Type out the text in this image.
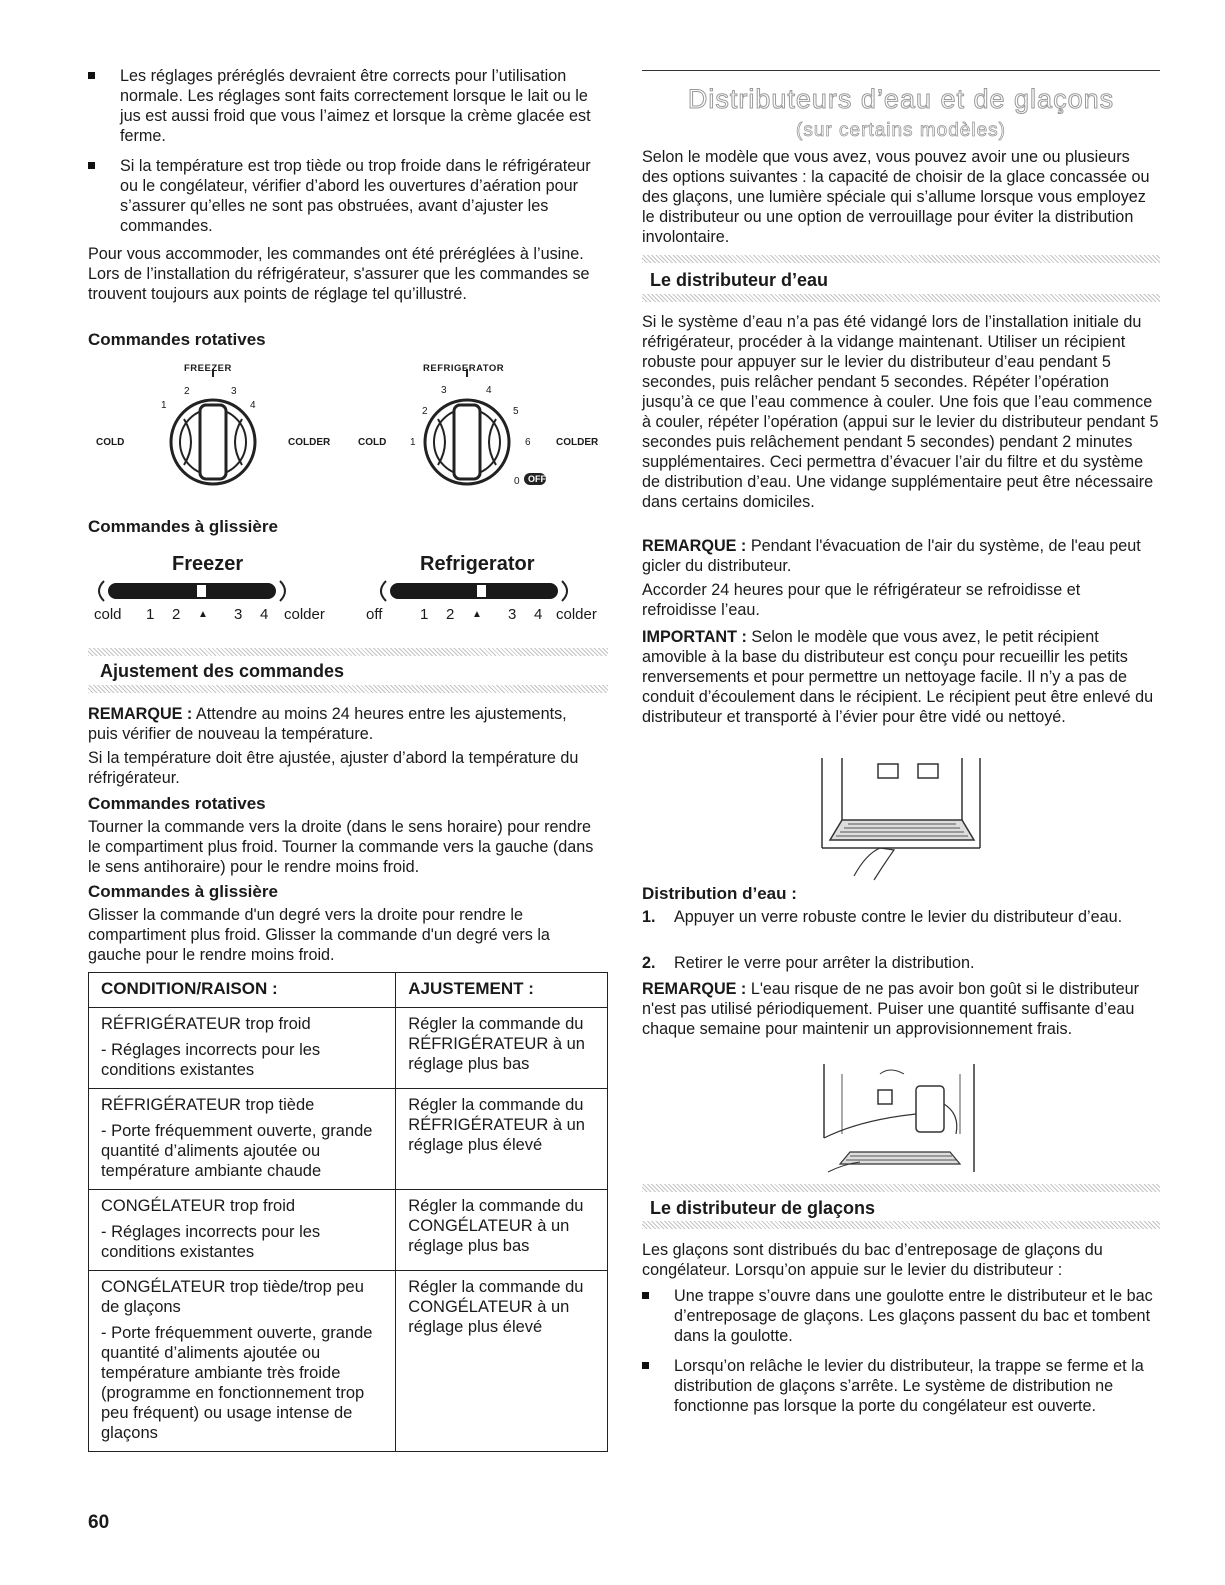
Les réglages préréglés devraient être corrects pour l’utilisation normale. Les réglages sont faits correctement lorsque le lait ou le jus est aussi froid que vous l’aimez et lorsque la crème glacée est ferme.
Si la température est trop tiède ou trop froide dans le réfrigérateur ou le congélateur, vérifier d’abord les ouvertures d’aération pour s’assurer qu’elles ne sont pas obstruées, avant d’ajuster les commandes.

Pour vous accommoder, les commandes ont été préréglées à l’usine. Lors de l’installation du réfrigérateur, s'assurer que les commandes se trouvent toujours aux points de réglage tel qu’illustré.

Commandes rotatives
FREEZER	REFRIGERATOR
COLD	COLDER	COLD	COLDER
1
2	3
4
1
2
3	4
5
6
0 OFF
Commandes à glissière
Freezer	Refrigerator
cold 1 2 ▲ 3 4 colder	off	1 2 ▲ 3 4 colder
Ajustement des commandes

REMARQUE : Attendre au moins 24 heures entre les ajustements, puis vérifier de nouveau la température.

Si la température doit être ajustée, ajuster d’abord la température du réfrigérateur.

Commandes rotatives

Tourner la commande vers la droite (dans le sens horaire) pour rendre le compartiment plus froid. Tourner la commande vers la gauche (dans le sens antihoraire) pour le rendre moins froid.

Commandes à glissière

Glisser la commande d'un degré vers la droite pour rendre le compartiment plus froid. Glisser la commande d'un degré vers la gauche pour le rendre moins froid.

CONDITION/RAISON :	AJUSTEMENT :

RÉFRIGÉRATEUR trop froid
- Réglages incorrects pour les conditions existantes	Régler la commande du RÉFRIGÉRATEUR à un réglage plus bas

RÉFRIGÉRATEUR trop tiède
- Porte fréquemment ouverte, grande quantité d’aliments ajoutée ou température ambiante chaude	Régler la commande du RÉFRIGÉRATEUR à un réglage plus élevé

CONGÉLATEUR trop froid
- Réglages incorrects pour les conditions existantes	Régler la commande du CONGÉLATEUR à un réglage plus bas

CONGÉLATEUR trop tiède/trop peu de glaçons
- Porte fréquemment ouverte, grande quantité d’aliments ajoutée ou température ambiante très froide (programme en fonctionnement trop peu fréquent) ou usage intense de glaçons	Régler la commande du CONGÉLATEUR à un réglage plus élevé
60
Distributeurs d’eau et de glaçons
(sur certains modèles)

Selon le modèle que vous avez, vous pouvez avoir une ou plusieurs des options suivantes : la capacité de choisir de la glace concassée ou des glaçons, une lumière spéciale qui s’allume lorsque vous employez le distributeur ou une option de verrouillage pour éviter la distribution involontaire.

Le distributeur d’eau

Si le système d’eau n’a pas été vidangé lors de l’installation initiale du réfrigérateur, procéder à la vidange maintenant. Utiliser un récipient robuste pour appuyer sur le levier du distributeur d’eau pendant 5 secondes, puis relâcher pendant 5 secondes. Répéter l’opération jusqu’à ce que l’eau commence à couler. Une fois que l’eau commence à couler, répéter l’opération (appui sur le levier du distributeur pendant 5 secondes puis relâchement pendant 5 secondes) pendant 2 minutes supplémentaires. Ceci permettra d’évacuer l’air du filtre et du système de distribution d’eau. Une vidange supplémentaire peut être nécessaire dans certains domiciles.

REMARQUE : Pendant l'évacuation de l'air du système, de l'eau peut gicler du distributeur.

Accorder 24 heures pour que le réfrigérateur se refroidisse et refroidisse l’eau.

IMPORTANT : Selon le modèle que vous avez, le petit récipient amovible à la base du distributeur est conçu pour recueillir les petits renversements et pour permettre un nettoyage facile. Il n’y a pas de conduit d’écoulement dans le récipient. Le récipient peut être enlevé du distributeur et transporté à l’évier pour être vidé ou nettoyé.

Distribution d’eau :
1. Appuyer un verre robuste contre le levier du distributeur d’eau.
2. Retirer le verre pour arrêter la distribution.

REMARQUE : L'eau risque de ne pas avoir bon goût si le distributeur n'est pas utilisé périodiquement. Puiser une quantité suffisante d’eau chaque semaine pour maintenir un approvisionnement frais.

Le distributeur de glaçons

Les glaçons sont distribués du bac d’entreposage de glaçons du congélateur. Lorsqu’on appuie sur le levier du distributeur :

Une trappe s’ouvre dans une goulotte entre le distributeur et le bac d’entreposage de glaçons. Les glaçons passent du bac et tombent dans la goulotte.
Lorsqu’on relâche le levier du distributeur, la trappe se ferme et la distribution de glaçons s’arrête. Le système de distribution ne fonctionne pas lorsque la porte du congélateur est ouverte.
